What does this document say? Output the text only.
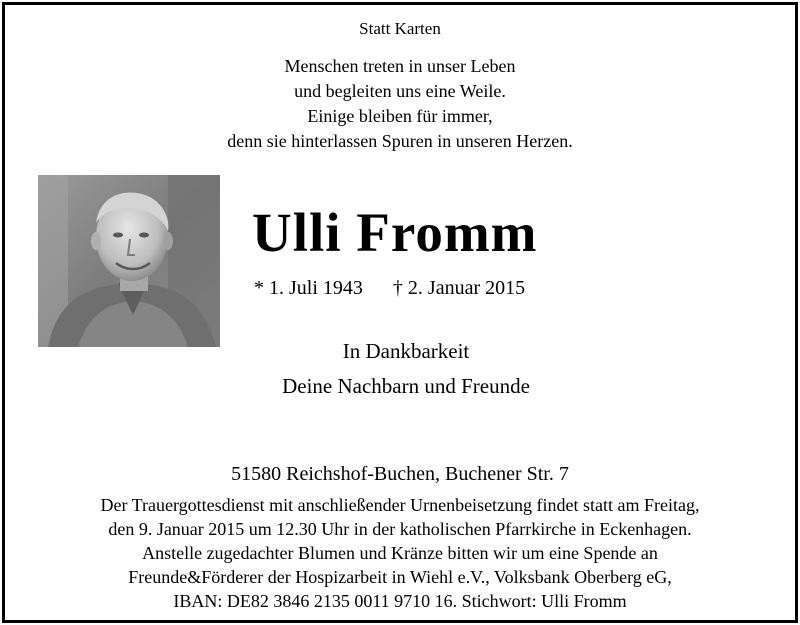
Statt Karten
Menschen treten in unser Leben
und begleiten uns eine Weile.
Einige bleiben für immer,
denn sie hinterlassen Spuren in unseren Herzen.
Ulli Fromm
* 1. Juli 1943 † 2. Januar 2015
In Dankbarkeit
Deine Nachbarn und Freunde
51580 Reichshof-Buchen, Buchener Str. 7
Der Trauergottesdienst mit anschließender Urnenbeisetzung findet statt am Freitag,
den 9. Januar 2015 um 12.30 Uhr in der katholischen Pfarrkirche in Eckenhagen.
Anstelle zugedachter Blumen und Kränze bitten wir um eine Spende an
Freunde&Förderer der Hospizarbeit in Wiehl e.V., Volksbank Oberberg eG,
IBAN: DE82 3846 2135 0011 9710 16. Stichwort: Ulli Fromm
